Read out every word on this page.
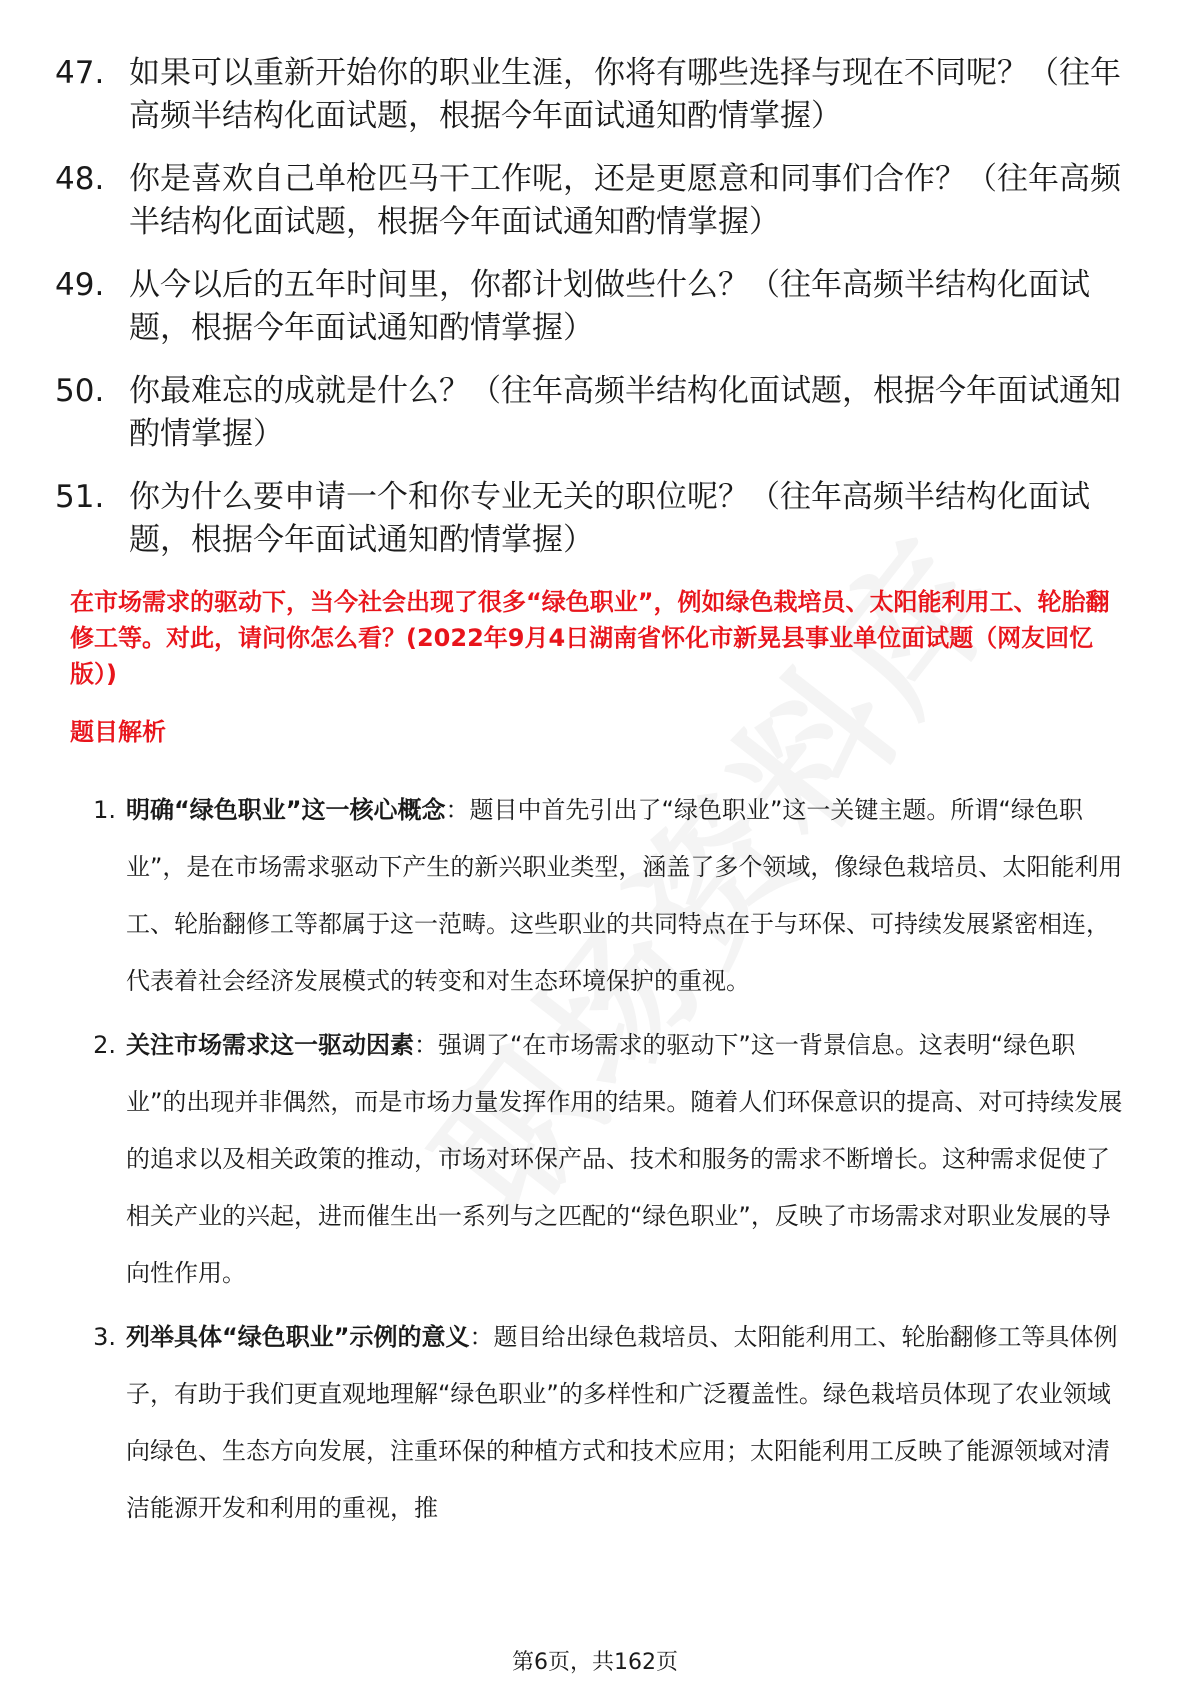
47. 如果可以重新开始你的职业生涯，你将有哪些选择与现在不同呢？（往年高频半结构化面试题，根据今年面试通知酌情掌握）
48. 你是喜欢自己单枪匹马干工作呢，还是更愿意和同事们合作？（往年高频半结构化面试题，根据今年面试通知酌情掌握）
49. 从今以后的五年时间里，你都计划做些什么？（往年高频半结构化面试题，根据今年面试通知酌情掌握）
50. 你最难忘的成就是什么？（往年高频半结构化面试题，根据今年面试通知酌情掌握）
51. 你为什么要申请一个和你专业无关的职位呢？（往年高频半结构化面试题，根据今年面试通知酌情掌握）
在市场需求的驱动下，当今社会出现了很多“绿色职业”，例如绿色栽培员、太阳能利用工、轮胎翻修工等。对此，请问你怎么看？(2022年9月4日湖南省怀化市新晃县事业单位面试题（网友回忆版）)
题目解析
1. 明确“绿色职业”这一核心概念：题目中首先引出了“绿色职业”这一关键主题。所谓“绿色职业”，是在市场需求驱动下产生的新兴职业类型，涵盖了多个领域，像绿色栽培员、太阳能利用工、轮胎翻修工等都属于这一范畴。这些职业的共同特点在于与环保、可持续发展紧密相连，代表着社会经济发展模式的转变和对生态环境保护的重视。
2. 关注市场需求这一驱动因素：强调了“在市场需求的驱动下”这一背景信息。这表明“绿色职业”的出现并非偶然，而是市场力量发挥作用的结果。随着人们环保意识的提高、对可持续发展的追求以及相关政策的推动，市场对环保产品、技术和服务的需求不断增长。这种需求促使了相关产业的兴起，进而催生出一系列与之匹配的“绿色职业”，反映了市场需求对职业发展的导向性作用。
3. 列举具体“绿色职业”示例的意义：题目给出绿色栽培员、太阳能利用工、轮胎翻修工等具体例子，有助于我们更直观地理解“绿色职业”的多样性和广泛覆盖性。绿色栽培员体现了农业领域向绿色、生态方向发展，注重环保的种植方式和技术应用；太阳能利用工反映了能源领域对清洁能源开发和利用的重视，推
第6页，共162页
